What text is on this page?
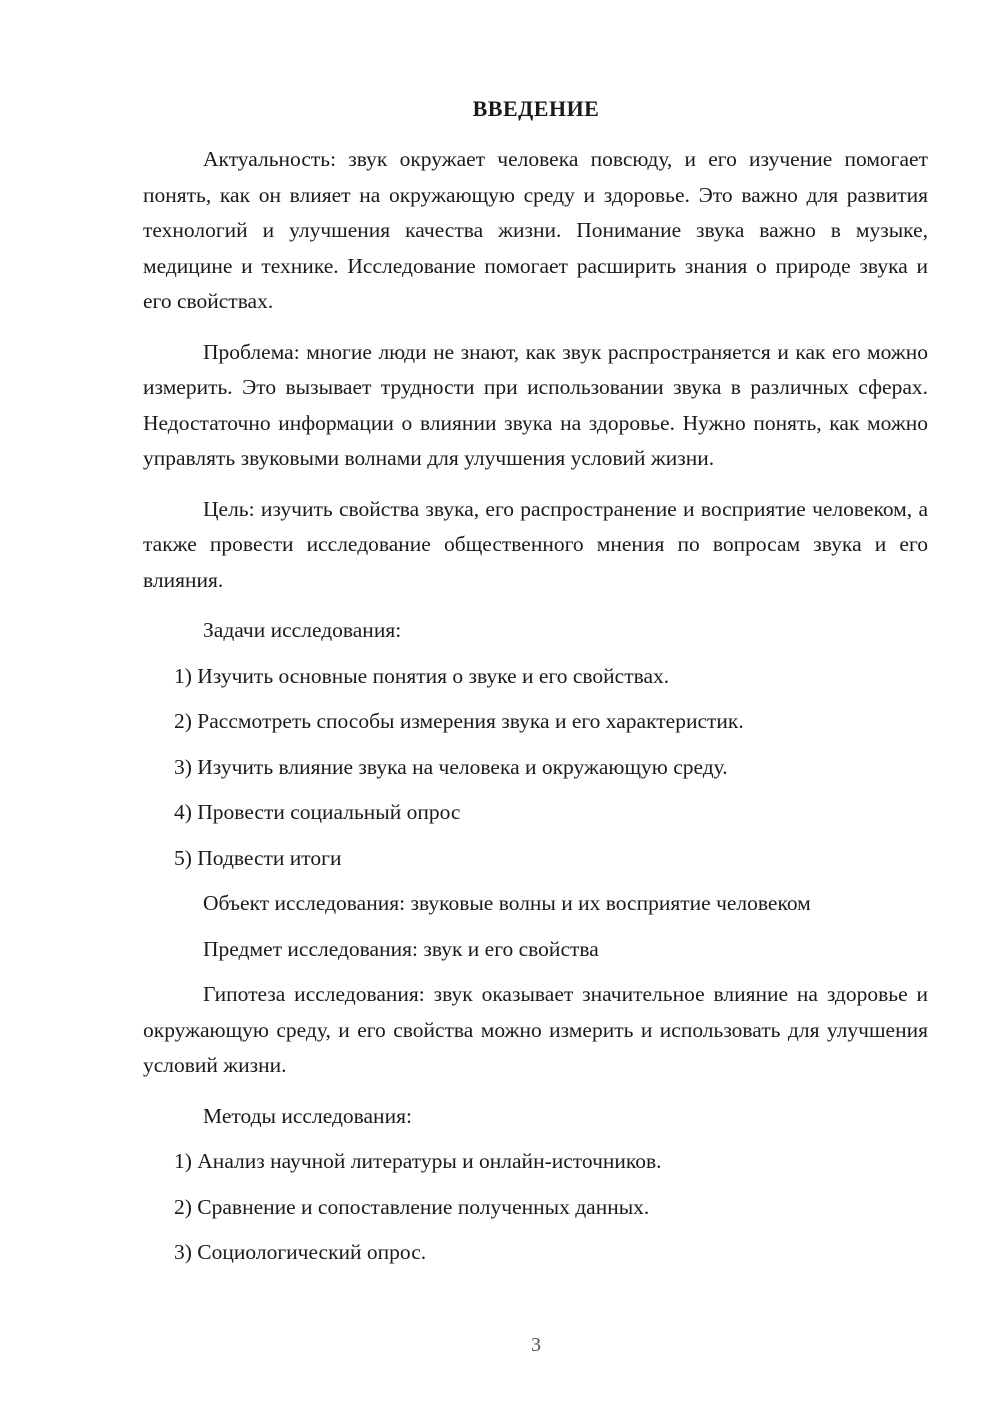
ВВЕДЕНИЕ

Актуальность: звук окружает человека повсюду, и его изучение помогает понять, как он влияет на окружающую среду и здоровье. Это важно для развития технологий и улучшения качества жизни. Понимание звука важно в музыке, медицине и технике. Исследование помогает расширить знания о природе звука и его свойствах.

Проблема: многие люди не знают, как звук распространяется и как его можно измерить. Это вызывает трудности при использовании звука в различных сферах. Недостаточно информации о влиянии звука на здоровье. Нужно понять, как можно управлять звуковыми волнами для улучшения условий жизни.

Цель: изучить свойства звука, его распространение и восприятие человеком, а также провести исследование общественного мнения по вопросам звука и его влияния.

Задачи исследования:

1) Изучить основные понятия о звуке и его свойствах.

2) Рассмотреть способы измерения звука и его характеристик.

3) Изучить влияние звука на человека и окружающую среду.

4) Провести социальный опрос

5) Подвести итоги

Объект исследования: звуковые волны и их восприятие человеком

Предмет исследования: звук и его свойства

Гипотеза исследования: звук оказывает значительное влияние на здоровье и окружающую среду, и его свойства можно измерить и использовать для улучшения условий жизни.

Методы исследования:

1) Анализ научной литературы и онлайн-источников.

2) Сравнение и сопоставление полученных данных.

3) Социологический опрос.

3
